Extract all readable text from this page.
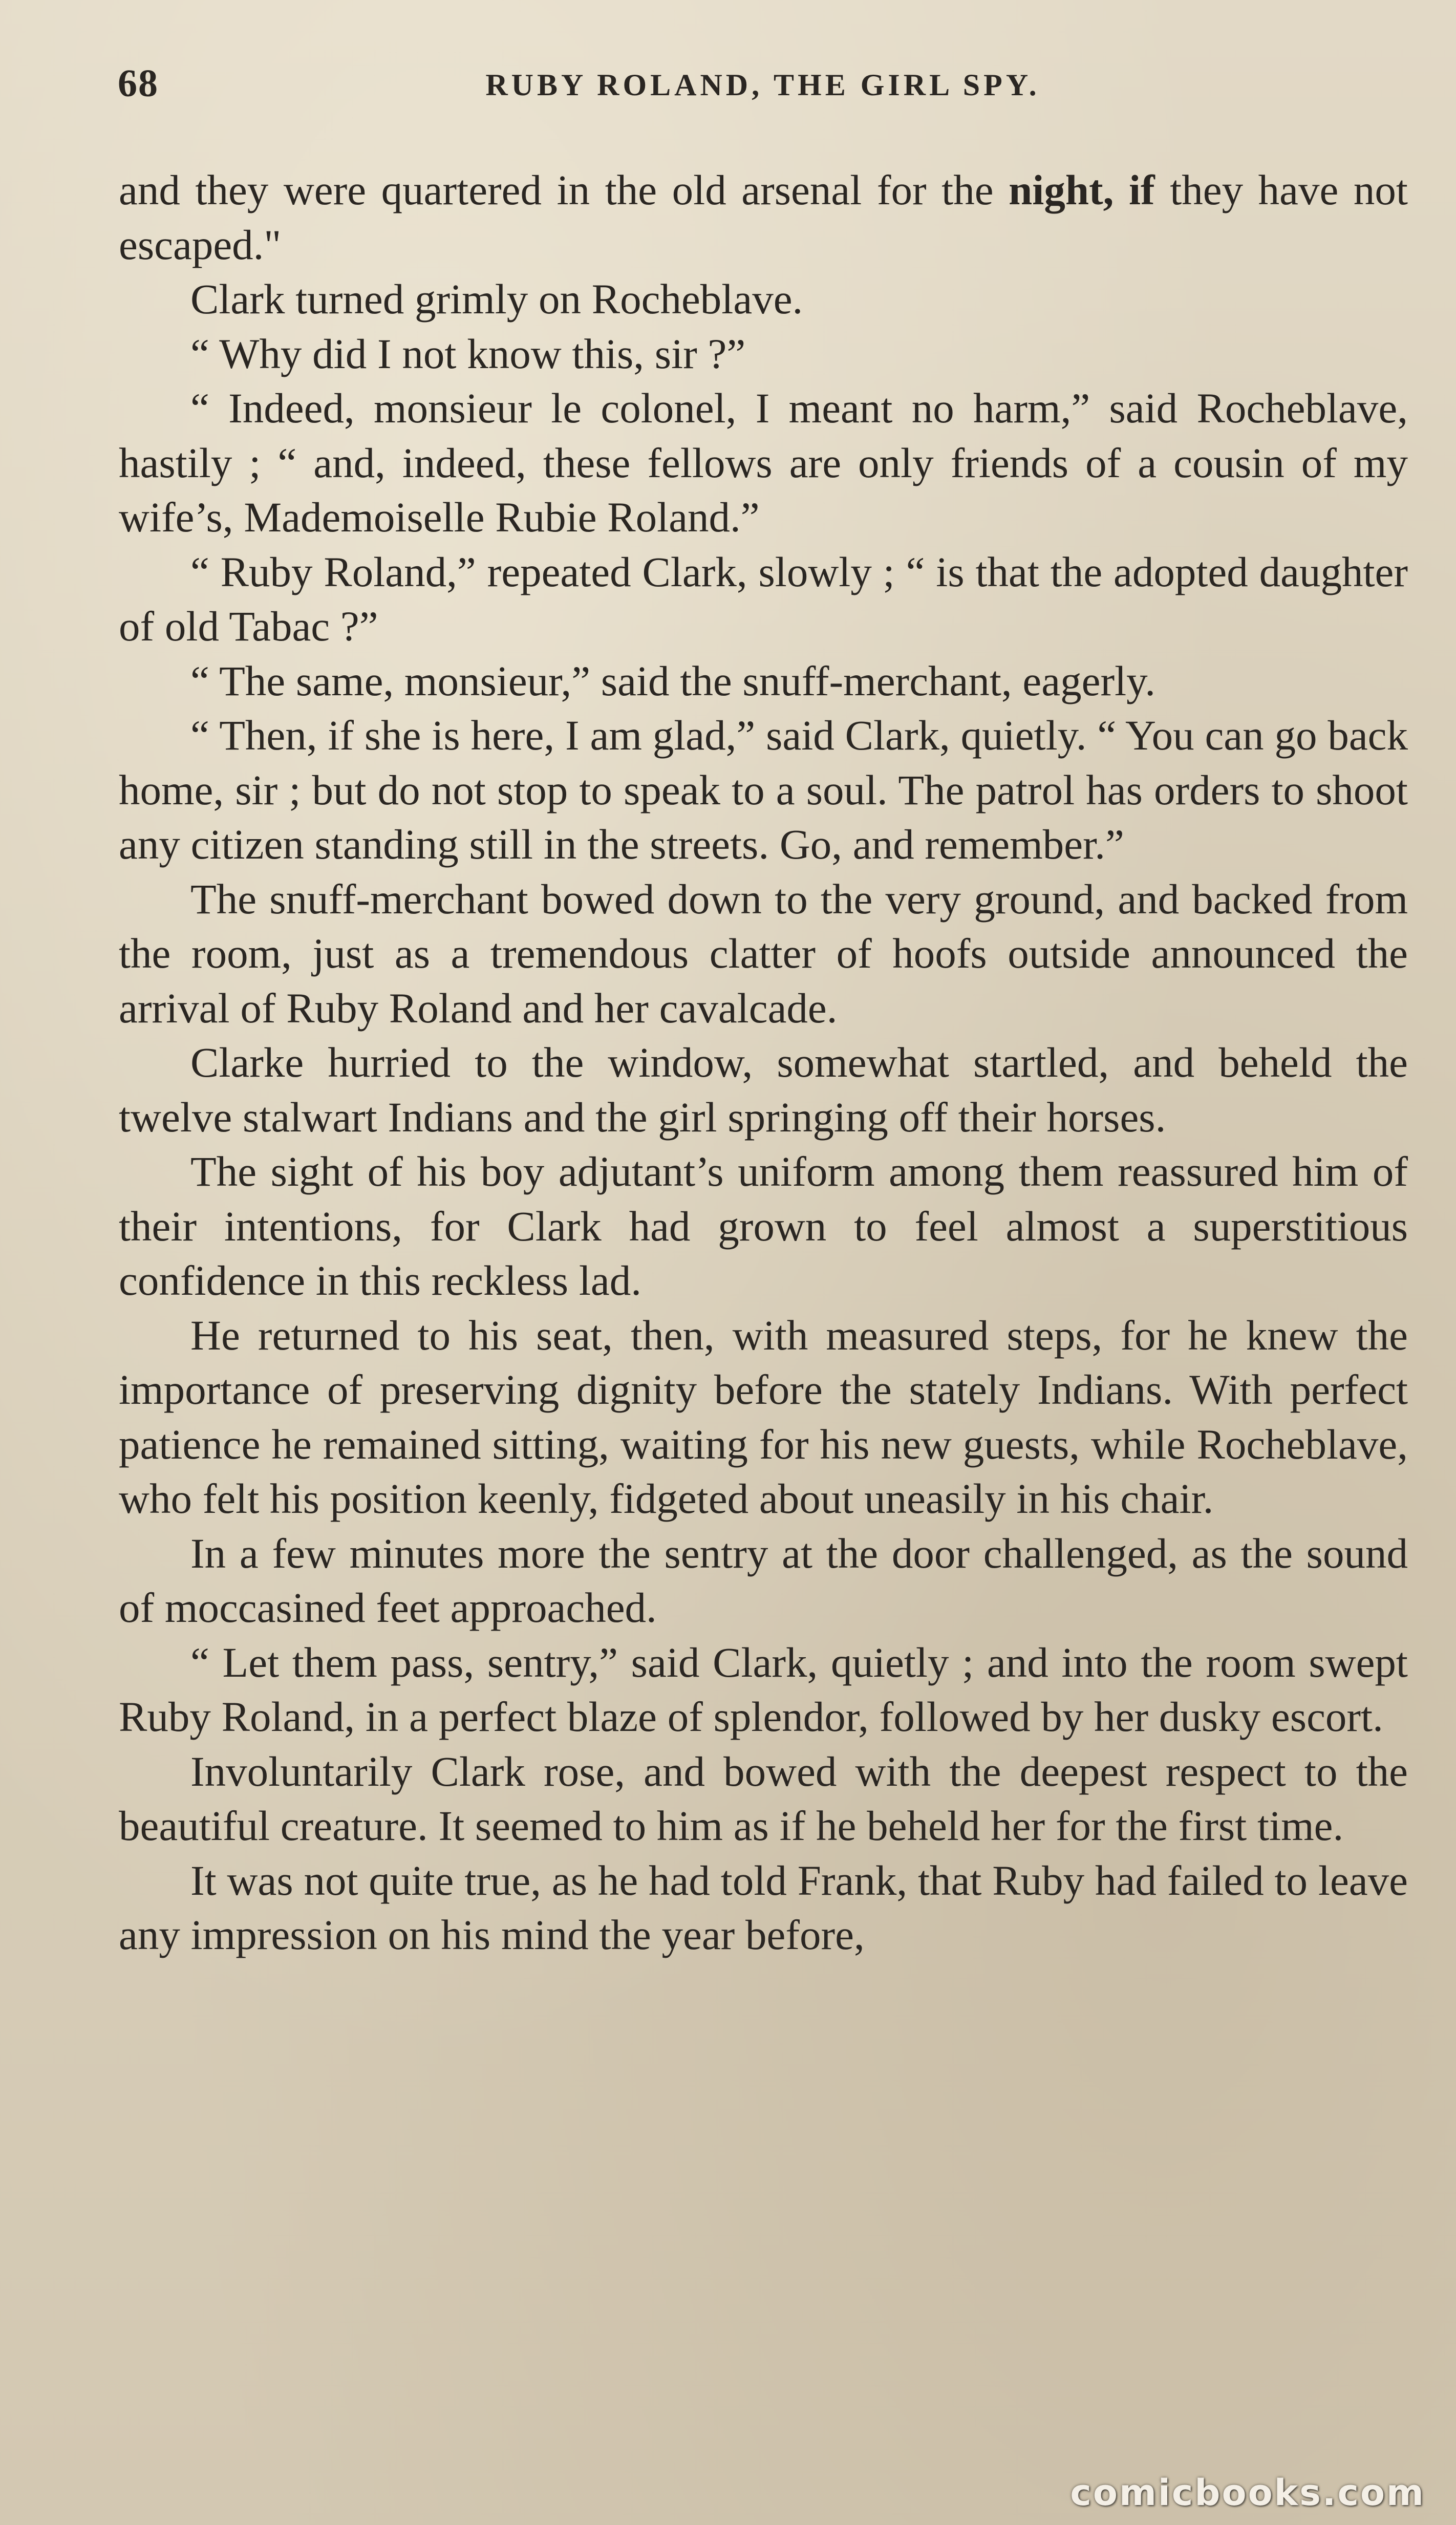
68	RUBY ROLAND, THE GIRL SPY.

and they were quartered in the old arsenal for the night, if they have not escaped."

Clark turned grimly on Rocheblave.

“ Why did I not know this, sir ?”

“ Indeed, monsieur le colonel, I meant no harm,” said Rocheblave, hastily ; “ and, indeed, these fellows are only friends of a cousin of my wife’s, Mademoiselle Rubie Roland.”

“ Ruby Roland,” repeated Clark, slowly ; “ is that the adopted daughter of old Tabac ?”

“ The same, monsieur,” said the snuff-merchant, eagerly.

“ Then, if she is here, I am glad,” said Clark, quietly. “ You can go back home, sir ; but do not stop to speak to a soul. The patrol has orders to shoot any citizen standing still in the streets. Go, and remember.”

The snuff-merchant bowed down to the very ground, and backed from the room, just as a tremendous clatter of hoofs outside announced the arrival of Ruby Roland and her cavalcade.

Clarke hurried to the window, somewhat startled, and beheld the twelve stalwart Indians and the girl springing off their horses.

The sight of his boy adjutant’s uniform among them reassured him of their intentions, for Clark had grown to feel almost a superstitious confidence in this reckless lad.

He returned to his seat, then, with measured steps, for he knew the importance of preserving dignity before the stately Indians. With perfect patience he remained sitting, waiting for his new guests, while Rocheblave, who felt his position keenly, fidgeted about uneasily in his chair.

In a few minutes more the sentry at the door challenged, as the sound of moccasined feet approached.

“ Let them pass, sentry,” said Clark, quietly ; and into the room swept Ruby Roland, in a perfect blaze of splendor, followed by her dusky escort.

Involuntarily Clark rose, and bowed with the deepest respect to the beautiful creature. It seemed to him as if he beheld her for the first time.

It was not quite true, as he had told Frank, that Ruby had failed to leave any impression on his mind the year before,

comicbooks.com
